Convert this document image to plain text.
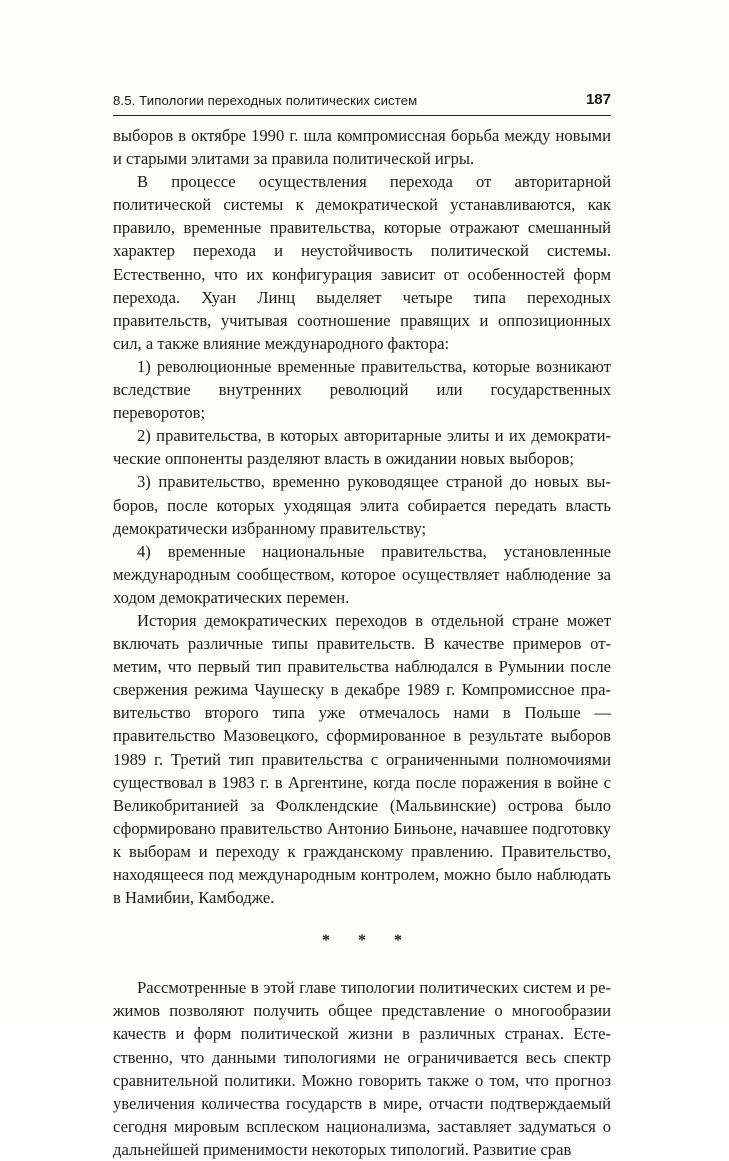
8.5. Типологии переходных политических систем	187

выборов в октябре 1990 г. шла компромиссная борьба между новыми и старыми элитами за правила политической игры.

В процессе осуществления перехода от авторитарной политической системы к демократической устанавливаются, как правило, временные правительства, которые отражают смешанный характер перехода и неустойчивость политической системы. Естественно, что их конфигурация зависит от особенностей форм перехода. Хуан Линц выделяет четыре типа переходных правительств, учитывая соотношение правящих и оппозиционных сил, а также влияние международного фактора:

1) революционные временные правительства, которые возникают вследствие внутренних революций или государственных переворотов;

2) правительства, в которых авторитарные элиты и их демократические оппоненты разделяют власть в ожидании новых выборов;

3) правительство, временно руководящее страной до новых выборов, после которых уходящая элита собирается передать власть демократически избранному правительству;

4) временные национальные правительства, установленные международным сообществом, которое осуществляет наблюдение за ходом демократических перемен.

История демократических переходов в отдельной стране может включать различные типы правительств. В качестве примеров отметим, что первый тип правительства наблюдался в Румынии после свержения режима Чаушеску в декабре 1989 г. Компромиссное правительство второго типа уже отмечалось нами в Польше — правительство Мазовецкого, сформированное в результате выборов 1989 г. Третий тип правительства с ограниченными полномочиями существовал в 1983 г. в Аргентине, когда после поражения в войне с Великобританией за Фолклендские (Мальвинские) острова было сформировано правительство Антонио Биньоне, начавшее подготовку к выборам и переходу к гражданскому правлению. Правительство, находящееся под международным контролем, можно было наблюдать в Намибии, Камбодже.

* * *

Рассмотренные в этой главе типологии политических систем и режимов позволяют получить общее представление о многообразии качеств и форм политической жизни в различных странах. Естественно, что данными типологиями не ограничивается весь спектр сравнительной политики. Можно говорить также о том, что прогноз увеличения количества государств в мире, отчасти подтверждаемый сегодня мировым всплеском национализма, заставляет задуматься о дальнейшей применимости некоторых типологий. Развитие срав
